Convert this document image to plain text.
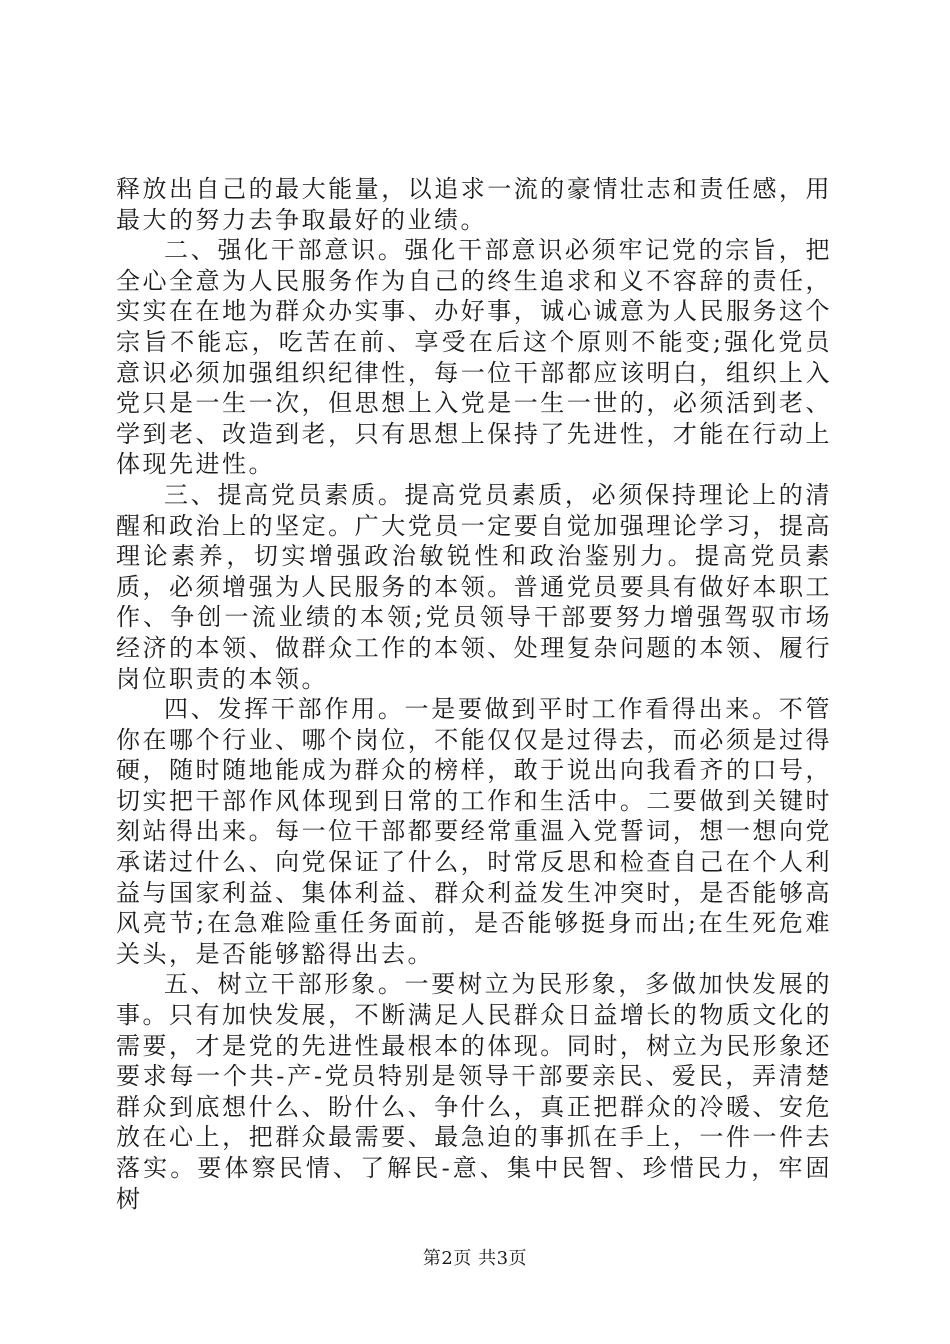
释放出自己的最大能量，以追求一流的豪情壮志和责任感，用最大的努力去争取最好的业绩。

二、强化干部意识。强化干部意识必须牢记党的宗旨，把全心全意为人民服务作为自己的终生追求和义不容辞的责任，实实在在地为群众办实事、办好事，诚心诚意为人民服务这个宗旨不能忘，吃苦在前、享受在后这个原则不能变;强化党员意识必须加强组织纪律性，每一位干部都应该明白，组织上入党只是一生一次，但思想上入党是一生一世的，必须活到老、学到老、改造到老，只有思想上保持了先进性，才能在行动上体现先进性。

三、提高党员素质。提高党员素质，必须保持理论上的清醒和政治上的坚定。广大党员一定要自觉加强理论学习，提高理论素养，切实增强政治敏锐性和政治鉴别力。提高党员素质，必须增强为人民服务的本领。普通党员要具有做好本职工作、争创一流业绩的本领;党员领导干部要努力增强驾驭市场经济的本领、做群众工作的本领、处理复杂问题的本领、履行岗位职责的本领。

四、发挥干部作用。一是要做到平时工作看得出来。不管你在哪个行业、哪个岗位，不能仅仅是过得去，而必须是过得硬，随时随地能成为群众的榜样，敢于说出向我看齐的口号，切实把干部作风体现到日常的工作和生活中。二要做到关键时刻站得出来。每一位干部都要经常重温入党誓词，想一想向党承诺过什么、向党保证了什么，时常反思和检查自己在个人利益与国家利益、集体利益、群众利益发生冲突时，是否能够高风亮节;在急难险重任务面前，是否能够挺身而出;在生死危难关头，是否能够豁得出去。

五、树立干部形象。一要树立为民形象，多做加快发展的事。只有加快发展，不断满足人民群众日益增长的物质文化的需要，才是党的先进性最根本的体现。同时，树立为民形象还要求每一个共-产-党员特别是领导干部要亲民、爱民，弄清楚群众到底想什么、盼什么、争什么，真正把群众的冷暖、安危放在心上，把群众最需要、最急迫的事抓在手上，一件一件去落实。要体察民情、了解民-意、集中民智、珍惜民力，牢固树

第2页 共3页
